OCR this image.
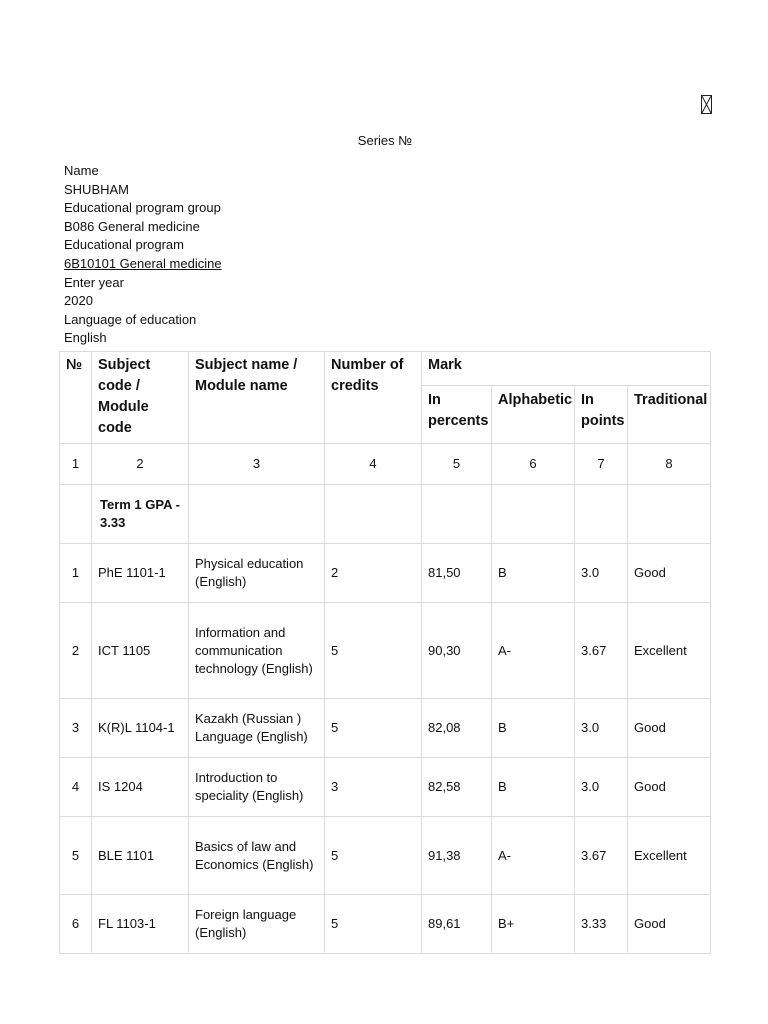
Series №
Name
SHUBHAM
Educational program group
B086 General medicine
Educational program
6B10101 General medicine
Enter year
2020
Language of education
English
№	Subject code / Module code	Subject name / Module name	Number of credits	Mark			
				In percents	Alphabetic	In points	Traditional
1	2	3	4	5	6	7	8
	Term 1 GPA - 3.33						
1	PhE 1101-1	Physical education (English)	2	81,50	B	3.0	Good
2	ICT 1105	Information and communication technology (English)	5	90,30	A-	3.67	Excellent
3	K(R)L 1104-1	Kazakh (Russian ) Language (English)	5	82,08	B	3.0	Good
4	IS 1204	Introduction to speciality (English)	3	82,58	B	3.0	Good
5	BLE 1101	Basics of law and Economics (English)	5	91,38	A-	3.67	Excellent
6	FL 1103-1	Foreign language (English)	5	89,61	B+	3.33	Good
